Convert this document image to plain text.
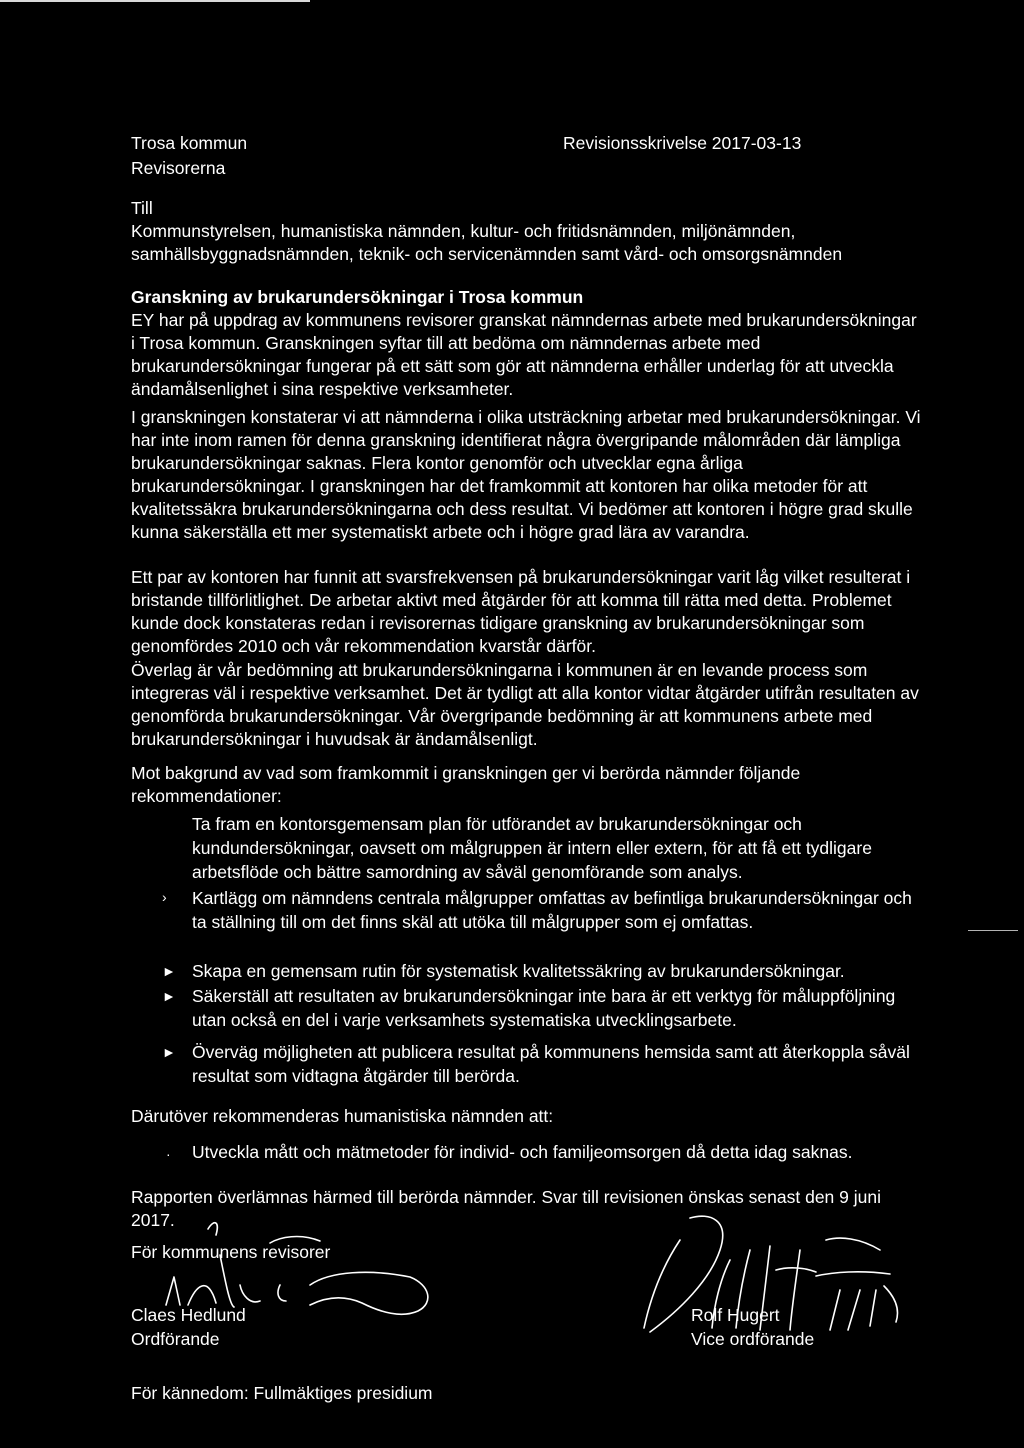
Trosa kommun
Revisorerna
Revisionsskrivelse 2017-03-13
Till

Kommunstyrelsen, humanistiska nämnden, kultur- och fritidsnämnden, miljönämnden, samhällsbyggnadsnämnden, teknik- och servicenämnden samt vård- och omsorgsnämnden

Granskning av brukarundersökningar i Trosa kommun

EY har på uppdrag av kommunens revisorer granskat nämndernas arbete med brukarundersökningar i Trosa kommun. Granskningen syftar till att bedöma om nämndernas arbete med brukarundersökningar fungerar på ett sätt som gör att nämnderna erhåller underlag för att utveckla ändamålsenlighet i sina respektive verksamheter.

I granskningen konstaterar vi att nämnderna i olika utsträckning arbetar med brukarundersökningar. Vi har inte inom ramen för denna granskning identifierat några övergripande målområden där lämpliga brukarundersökningar saknas. Flera kontor genomför och utvecklar egna årliga brukarundersökningar. I granskningen har det framkommit att kontoren har olika metoder för att kvalitetssäkra brukarundersökningarna och dess resultat. Vi bedömer att kontoren i högre grad skulle kunna säkerställa ett mer systematiskt arbete och i högre grad lära av varandra.

Ett par av kontoren har funnit att svarsfrekvensen på brukarundersökningar varit låg vilket resulterat i bristande tillförlitlighet. De arbetar aktivt med åtgärder för att komma till rätta med detta. Problemet kunde dock konstateras redan i revisorernas tidigare granskning av brukarundersökningar som genomfördes 2010 och vår rekommendation kvarstår därför.

Överlag är vår bedömning att brukarundersökningarna i kommunen är en levande process som integreras väl i respektive verksamhet. Det är tydligt att alla kontor vidtar åtgärder utifrån resultaten av genomförda brukarundersökningar. Vår övergripande bedömning är att kommunens arbete med brukarundersökningar i huvudsak är ändamålsenligt.

Mot bakgrund av vad som framkommit i granskningen ger vi berörda nämnder följande rekommendationer:

Ta fram en kontorsgemensam plan för utförandet av brukarundersökningar och kundundersökningar, oavsett om målgruppen är intern eller extern, för att få ett tydligare arbetsflöde och bättre samordning av såväl genomförande som analys.

› Kartlägg om nämndens centrala målgrupper omfattas av befintliga brukarundersökningar och ta ställning till om det finns skäl att utöka till målgrupper som ej omfattas.

► Skapa en gemensam rutin för systematisk kvalitetssäkring av brukarundersökningar.

► Säkerställ att resultaten av brukarundersökningar inte bara är ett verktyg för måluppföljning utan också en del i varje verksamhets systematiska utvecklingsarbete.

► Överväg möjligheten att publicera resultat på kommunens hemsida samt att återkoppla såväl resultat som vidtagna åtgärder till berörda.

Därutöver rekommenderas humanistiska nämnden att:

· Utveckla mått och mätmetoder för individ- och familjeomsorgen då detta idag saknas.

Rapporten överlämnas härmed till berörda nämnder. Svar till revisionen önskas senast den 9 juni 2017.

För kommunens revisorer
Claes Hedlund
Ordförande
Rolf Hugert
Vice ordförande
För kännedom: Fullmäktiges presidium
